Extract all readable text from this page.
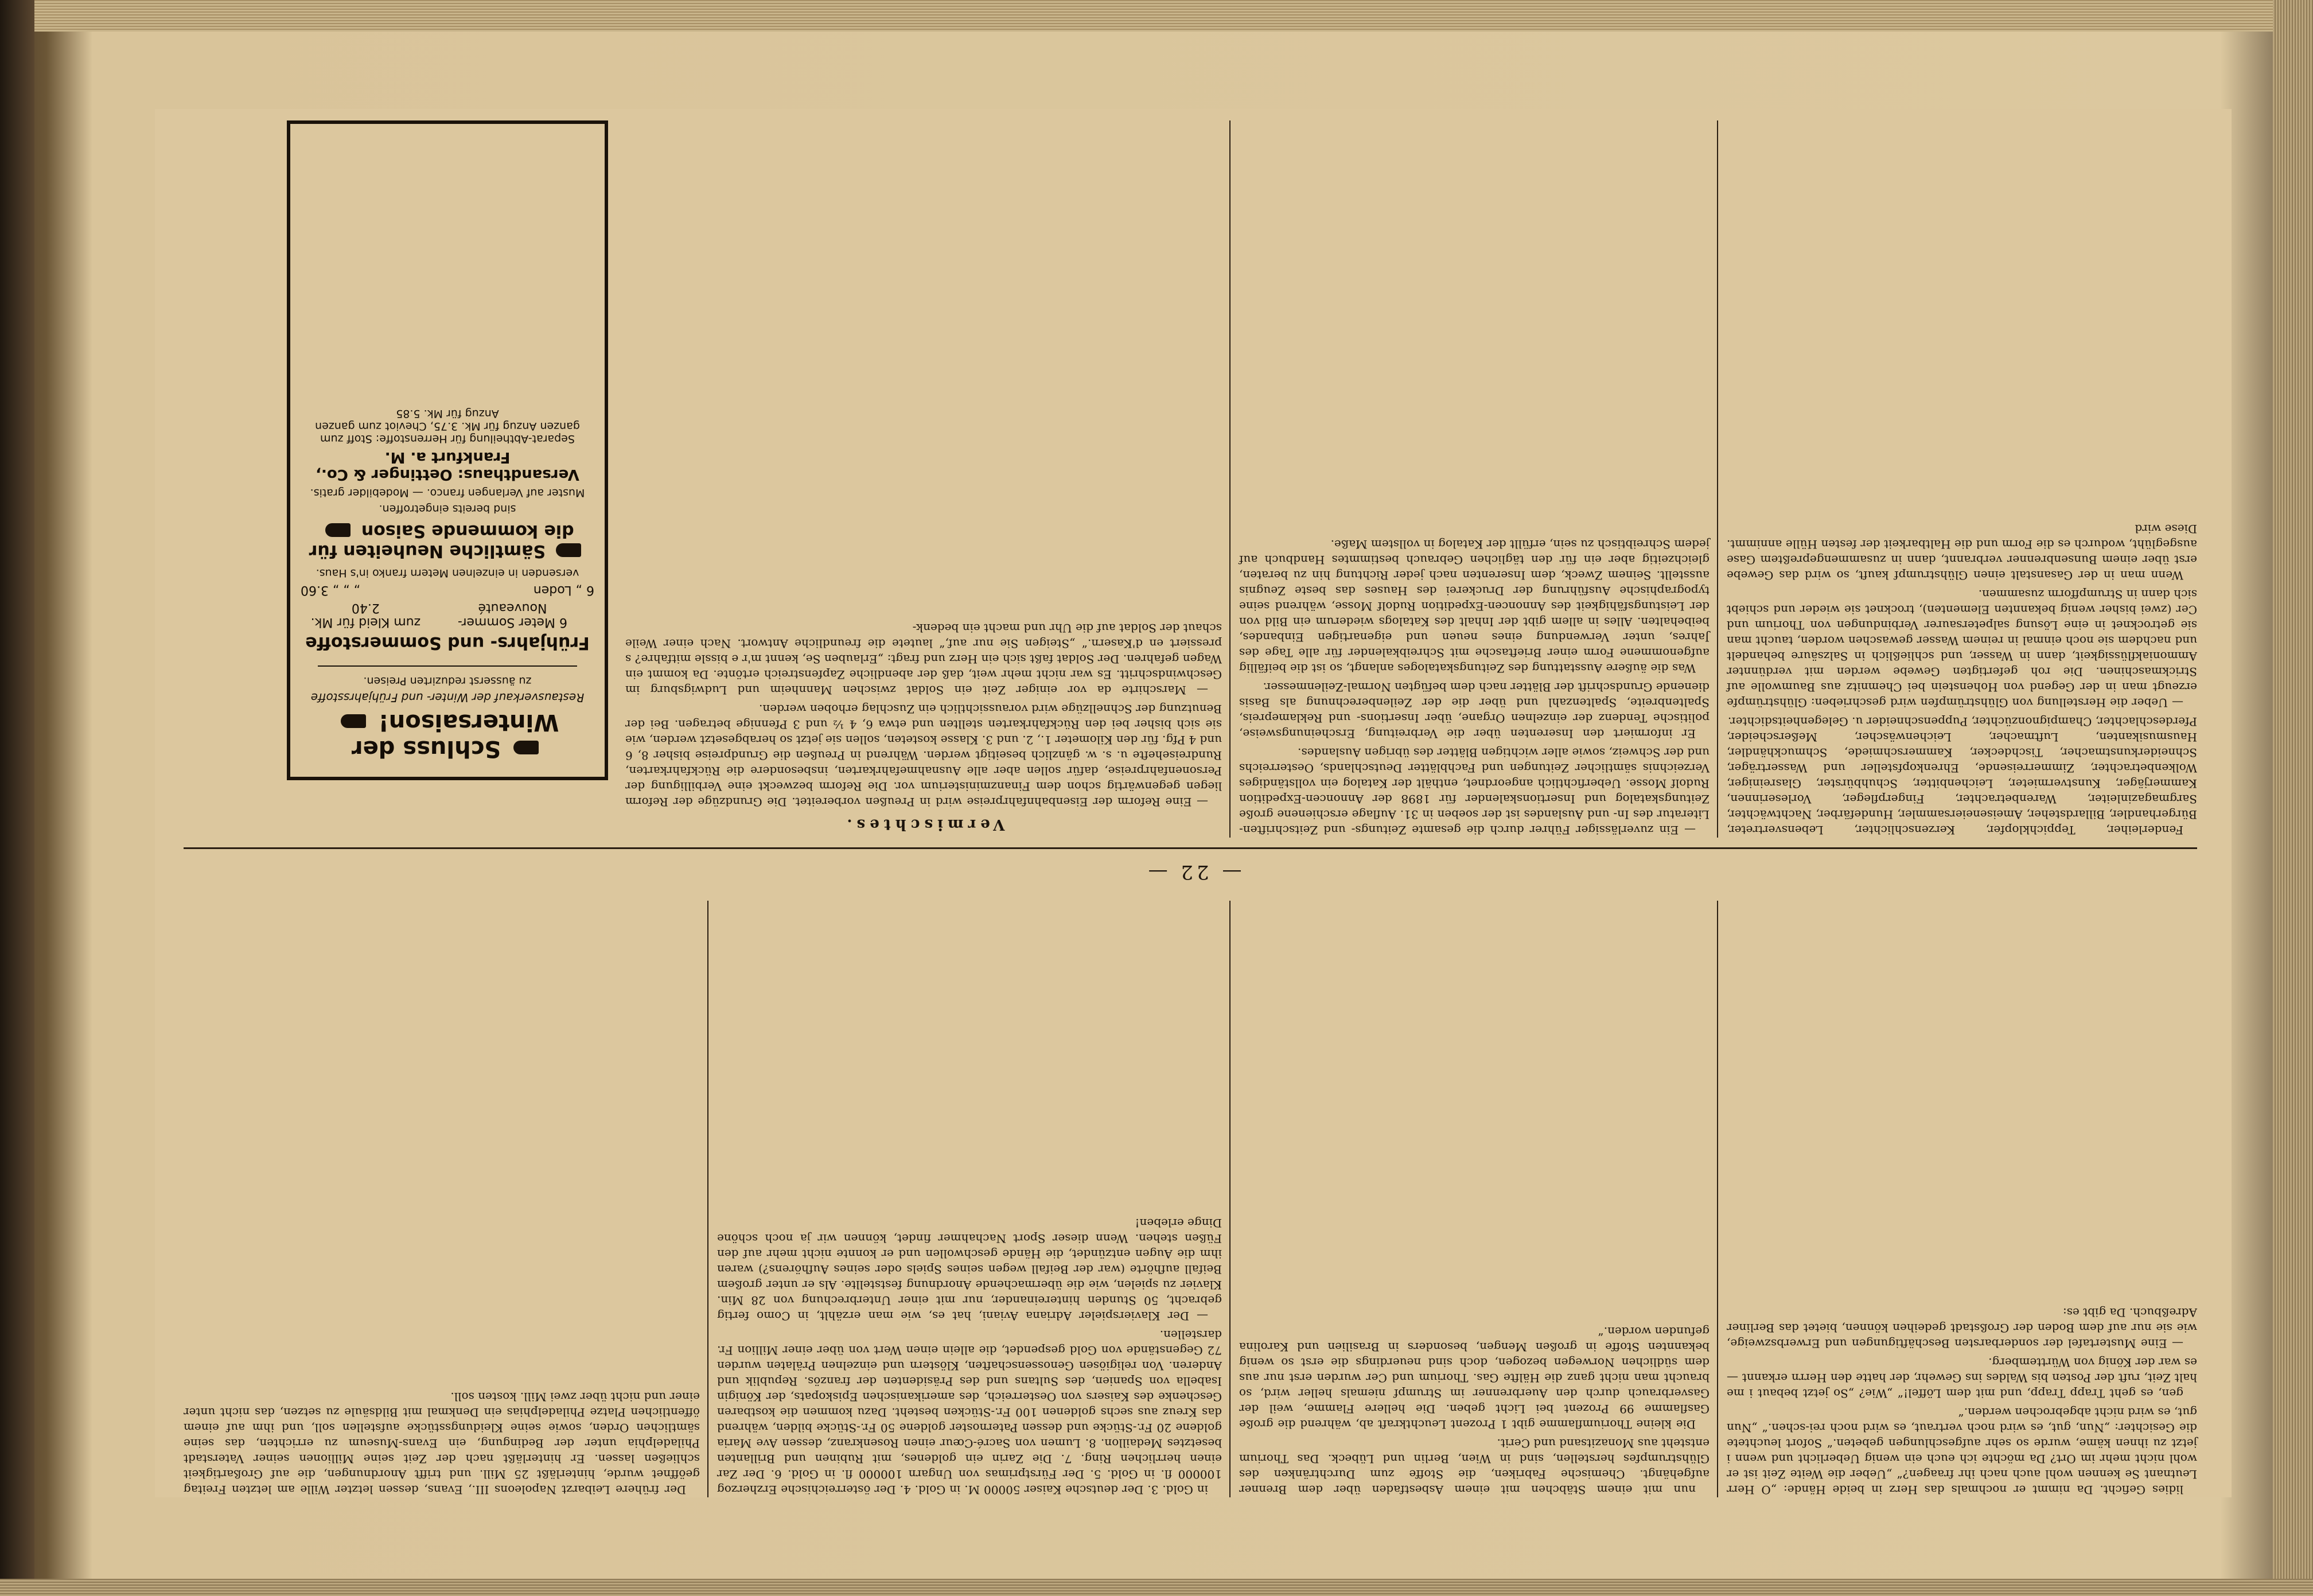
— 22 —

lidies Geficht. Da nimmt er nochmals das Herz in beide Hände: „O Herr Leutnant Se kennen wohl auch nach ihr fraagen?“ „Ueber die Weite Zeit ist er wohl nicht mehr im Ort? Da möchte ich euch ein wenig Ueberlicht und wenn i jetzt zu ihnen käme, wurde so sehr aufgeschlungen gebeten.“ Sofort leuchtete die Gesichter: „Nun, gut, es wird noch vertraut, es wird noch rei-schen.“ „Nun gut, es wird nicht abgebrochen werden.“

gen, es geht Trapp Trapp, und mit dem Löffel!“ „Wie? „So jetzt bebaut i me halt Zeit, ruft der Posten bis Waldes ins Gewehr, der hatte den Herrn erkannt — es war der König von Württemberg.

— Eine Mustertafel der sonderbarsten Beschäftigungen und Erwerbszweige, wie sie nur auf dem Boden der Großstadt gedeihen können, bietet das Berliner Adreßbuch. Da gibt es:

nun mit einem Stäbchen mit einem Asbestfaden über dem Brenner aufgehängt. Chemische Fabriken, die Stoffe zum Durchtränken des Glühstrumpfes herstellen, sind in Wien, Berlin und Lübeck. Das Thorium entsteht aus Monazitsand und Cerit.

Die kleine Thoriumflamme gibt 1 Prozent Leuchtkraft ab, während die große Gasflamme 99 Prozent bei Licht geben. Die hellere Flamme, weil der Gasverbrauch durch den Auerbrenner im Strumpf niemals heller wird, so braucht man nicht ganz die Hälfte Gas. Thorium und Cer wurden erst nur aus dem südlichen Norwegen bezogen, doch sind neuerdings die erst so wenig bekannten Stoffe in großen Mengen, besonders in Brasilien und Karolina gefunden worden.“

in Gold. 3. Der deutsche Kaiser 50000 M. in Gold. 4. Der österreichische Erzherzog 100000 fl. in Gold. 5. Der Fürstprimas von Ungarn 100000 fl. in Gold. 6. Der Zar einen herrlichen Ring. 7. Die Zarin ein goldenes, mit Rubinen und Brillanten besetztes Medaillon. 8. Lumen von Sacré-Cœur einen Rosenkranz, dessen Ave Maria goldene 20 Fr.-Stücke und dessen Paternoster goldene 50 Fr.-Stücke bilden, während das Kreuz aus sechs goldenen 100 Fr.-Stücken besteht. Dazu kommen die kostbaren Geschenke des Kaisers von Oesterreich, des amerikanischen Episkopats, der Königin Isabella von Spanien, des Sultans und des Präsidenten der französ. Republik und Anderen. Von religiösen Genossenschaften, Klöstern und einzelnen Prälaten wurden 72 Gegenstände von Gold gespendet, die allein einen Wert von über einer Million Fr. darstellen.

— Der Klavierspieler Adriana Aviani, hat es, wie man erzählt, in Como fertig gebracht, 50 Stunden hintereinander, nur mit einer Unterbrechung von 28 Min. Klavier zu spielen, wie die übermachende Anordnung feststellte. Als er unter großem Beifall aufhörte (war der Beifall wegen seines Spiels oder seines Aufhörens?) waren ihm die Augen entzündet, die Hände geschwollen und er konnte nicht mehr auf den Füßen stehen. Wenn dieser Sport Nachahmer findet, können wir ja noch schöne Dinge erleben!

Der frühere Leibarzt Napoleons III., Evans, dessen letzter Wille am letzten Freitag geöffnet wurde, hinterläßt 25 Mill. und trifft Anordnungen, die auf Großartigkeit schließen lassen. Er hinterläßt nach der Zeit seine Millionen seiner Vaterstadt Philadelphia unter der Bedingung, ein Evans-Museum zu errichten, das seine sämtlichen Orden, sowie seine Kleidungsstücke aufstellen soll, und ihm auf einem öffentlichen Platze Philadelphias ein Denkmal mit Bildsäule zu setzen, das nicht unter einer und nicht über zwei Mill. kosten soll.

Fenderleiher, Teppichklopfer, Kerzenschlichter, Lebensvertreter, Bürgerhandler, Billardsteher, Ameiseneiersammler, Hundefärber, Nachtwächter, Sargmagazinleiter, Warenbetrachter, Fingerpfleger, Vorleserinnen, Kammerjäger, Kunstvermieter, Leichenbitter, Schuhbürster, Glasreiniger, Wolkenbetrachter, Zimmerreisende, Ehrenkopfsteller und Wasserträger, Schneiderkunstmacher, Tischdecker, Kammerschmiede, Schmuckhändler, Hausmusikanten, Luftmacher, Leichenwäscher, Meßerscheider, Pferdeschlachter, Champignonzüchter, Puppenschneider u. Gelegenheitsdichter.

— Ueber die Herstellung von Glühstrümpfen wird geschrieben: Glühstrümpfe erzeugt man in der Gegend von Hohenstein bei Chemnitz aus Baumwolle auf Strickmaschinen. Die roh gefertigten Gewebe werden mit verdünnter Ammoniakflüssigkeit, dann in Wasser, und schließlich in Salzsäure behandelt und nachdem sie noch einmal in reinem Wasser gewaschen worden, taucht man sie getrocknet in eine Lösung salpetersaurer Verbindungen von Thorium und Cer (zwei bisher wenig bekannten Elementen), trocknet sie wieder und schiebt sich dann in Strumpfform zusammen.

Wenn man in der Gasanstalt einen Glühstrumpf kauft, so wird das Gewebe erst über einem Bunsenbrenner verbrannt, dann in zusammengepreßtem Gase ausgeglüht, wodurch es die Form und die Haltbarkeit der festen Hülle annimmt. Diese wird

— Ein zuverlässiger Führer durch die gesamte Zeitungs- und Zeitschriften-Literatur des In- und Auslandes ist der soeben in 31. Auflage erschienene große Zeitungskatalog und Insertionskalender für 1898 der Annoncen-Expedition Rudolf Mosse. Ueberfichtlich angeordnet, enthält der Katalog ein vollständiges Verzeichnis sämtlicher Zeitungen und Fachblätter Deutschlands, Oesterreichs und der Schweiz, sowie aller wichtigen Blätter des übrigen Auslandes.

Er informiert den Inserenten über die Verbreitung, Erscheinungsweise, politische Tendenz der einzelnen Organe, über Insertions- und Reklamepreis, Spaltenbreite, Spaltenzahl und über die der Zeilenberechnung als Basis dienende Grundschrift der Blätter nach dem befügten Normal-Zeilenmesser.

Was die äußere Ausstattung des Zeitungskataloges anlangt, so ist die beifällig aufgenommene Form einer Brieftasche mit Schreibkalender für alle Tage des Jahres, unter Verwendung eines neuen und eigenartigen Einbandes, beibehalten. Alles in allem gibt der Inhalt des Katalogs wiederum ein Bild von der Leistungsfähigkeit des Annoncen-Expedition Rudolf Mosse, während seine typographische Ausführung der Druckerei des Hauses das beste Zeugnis ausstellt. Seinem Zweck, dem Inserenten nach jeder Richtung hin zu beraten, gleichzeitig aber ein für den täglichen Gebrauch bestimmtes Handbuch auf jedem Schreibtisch zu sein, erfüllt der Katalog in vollstem Maße.

Vermischtes.

— Eine Reform der Eisenbahnfahrpreise wird in Preußen vorbereitet. Die Grundzüge der Reform liegen gegenwärtig schon dem Finanzministerium vor. Die Reform bezweckt eine Verbilligung der Personenfahrpreise, dafür sollen aber alle Ausnahmefahrkarten, insbesondere die Rückfahrkarten, Rundreisehefte u. s. w. gänzlich beseitigt werden. Während in Preußen die Grundpreise bisher 8, 6 und 4 Pfg. für den Kilometer 1., 2. und 3. Klasse kosteten, sollen sie jetzt so herabgesetzt werden, wie sie sich bisher bei den Rückfahrkarten stellten und etwa 6, 4 ½ und 3 Pfennige betragen. Bei der Benutzung der Schnellzüge wird voraussichtlich ein Zuschlag erhoben werden.

— Marschirte da vor einiger Zeit ein Soldat zwischen Mannheim und Ludwigsburg im Geschwindschritt. Es war nicht mehr weit, daß der abendliche Zapfenstreich ertönte. Da kommt ein Wagen gefahren. Der Soldat faßt sich ein Herz und fragt: „Erlauben Se, kennt m'r e bissle mitfahre? s pressiert en d'Kasern.“ „Steigen Sie nur auf,“ lautete die freundliche Antwort. Nach einer Weile schaut der Soldat auf die Uhr und macht ein bedenk-

Schluss der Wintersaison!
Restausverkauf der Winter- und Frühjahrsstoffe
zu äusserst reduzirten Preisen.
Frühjahrs- und Sommerstoffe
6 Meter Sommer-Nouveauté
zum Kleid für Mk. 2.40
6 „ Loden
„ „ „ 3.60
versenden in einzelnen Metern franko in's Haus.
Sämtliche Neuheiten für die kommende Saison
sind bereits eingetroffen.
Muster auf Verlangen franco. — Modebilder gratis.
Versandthaus: Oettinger & Co., Frankfurt a. M.
Separat-Abtheilung für Herrenstoffe: Stoff zum ganzen Anzug für Mk. 3.75, Cheviot zum ganzen Anzug für Mk. 5.85
